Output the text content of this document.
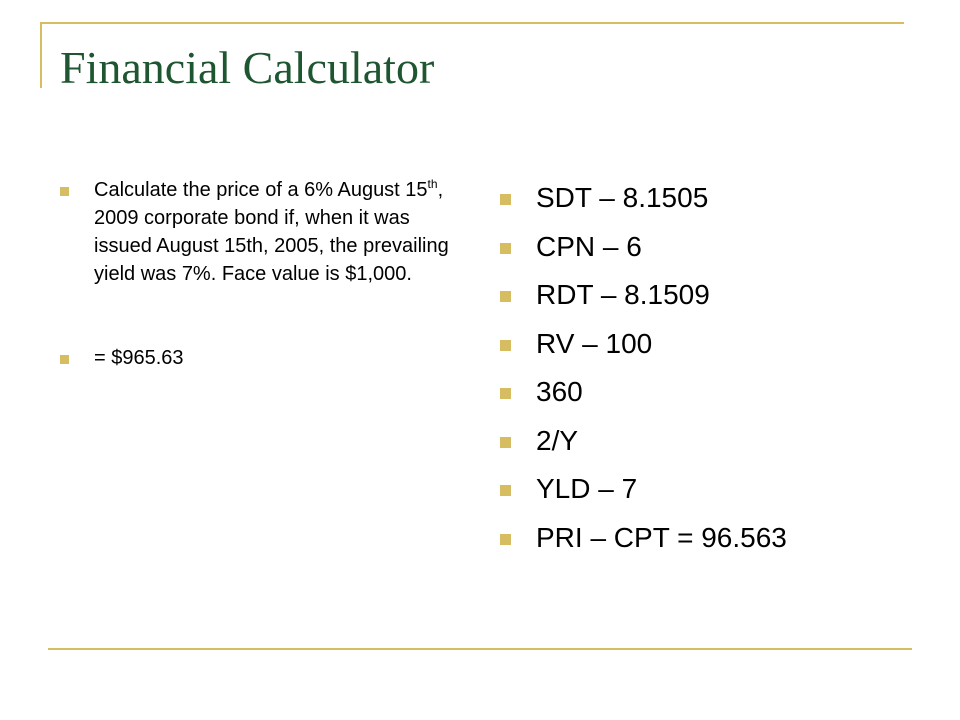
Financial Calculator
Calculate the price of a 6% August 15th, 2009 corporate bond if, when it was issued August 15th, 2005, the prevailing yield was 7%. Face value is $1,000.
= $965.63
SDT – 8.1505
CPN – 6
RDT – 8.1509
RV – 100
360
2/Y
YLD – 7
PRI – CPT = 96.563
